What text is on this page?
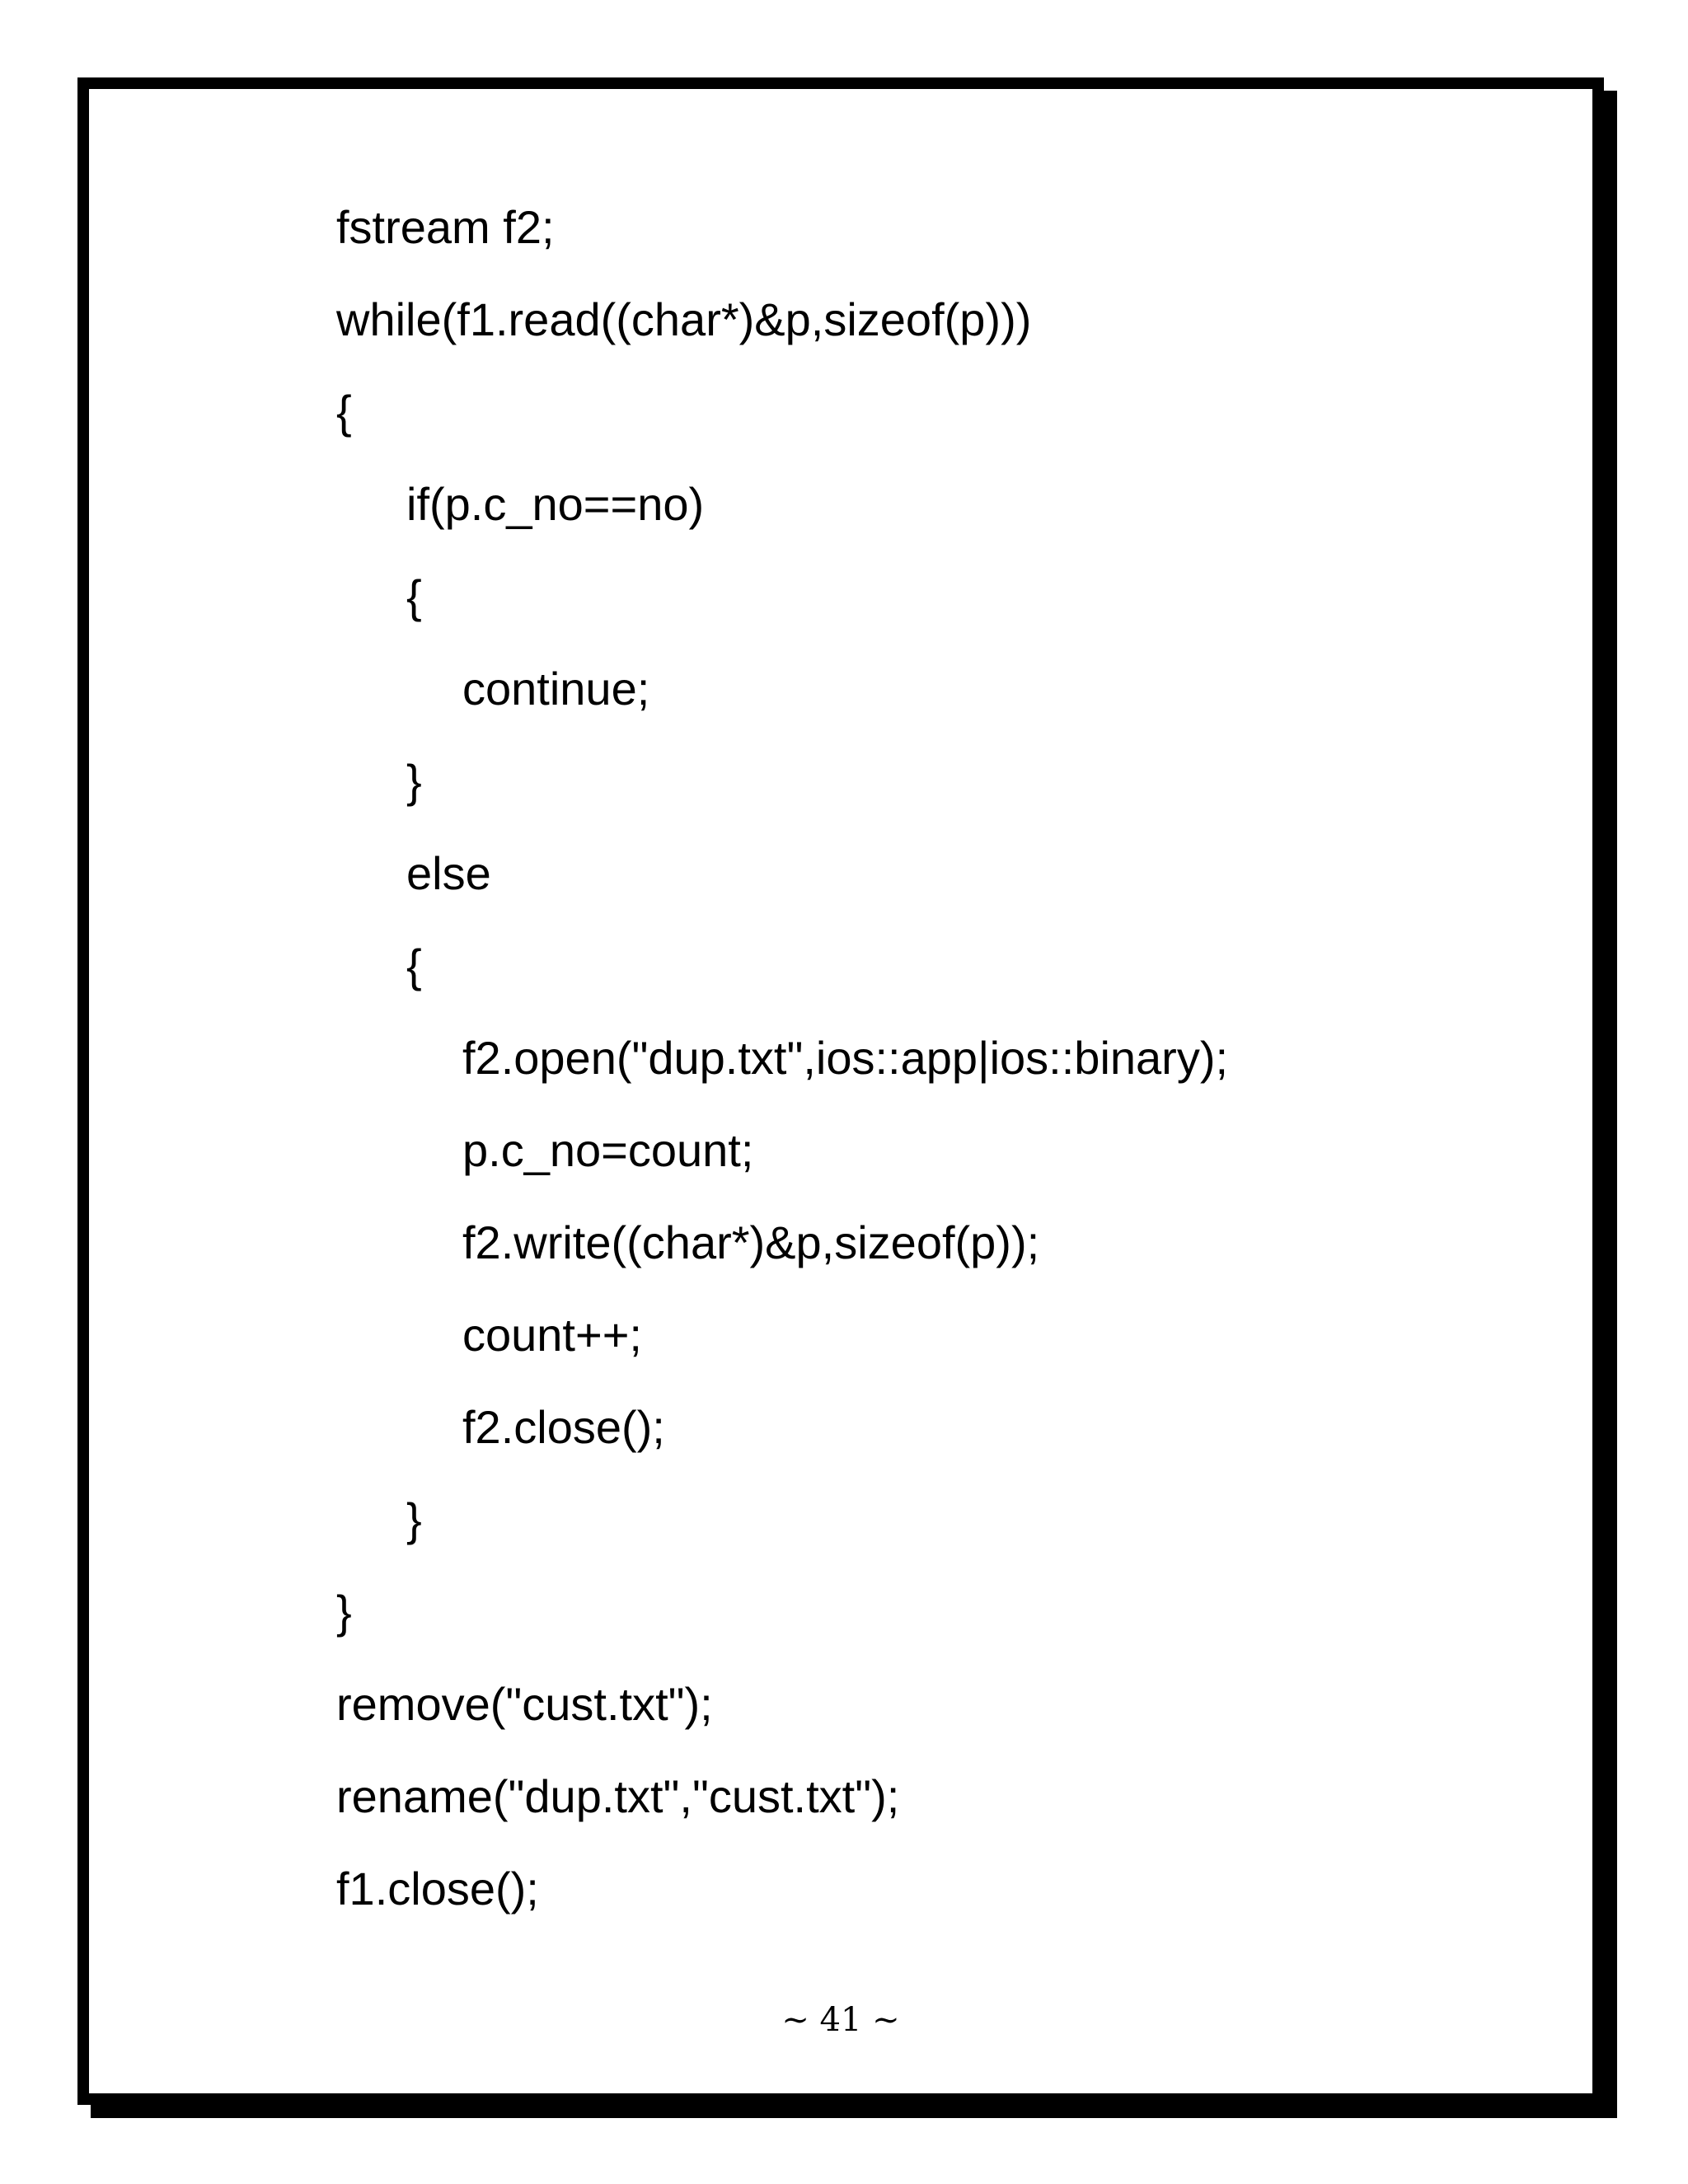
fstream f2;
while(f1.read((char*)&p,sizeof(p)))
{
if(p.c_no==no)
{
continue;
}
else
{
f2.open("dup.txt",ios::app|ios::binary);
p.c_no=count;
f2.write((char*)&p,sizeof(p));
count++;
f2.close();
}
}
remove("cust.txt");
rename("dup.txt","cust.txt");
f1.close();
~ 41 ~
